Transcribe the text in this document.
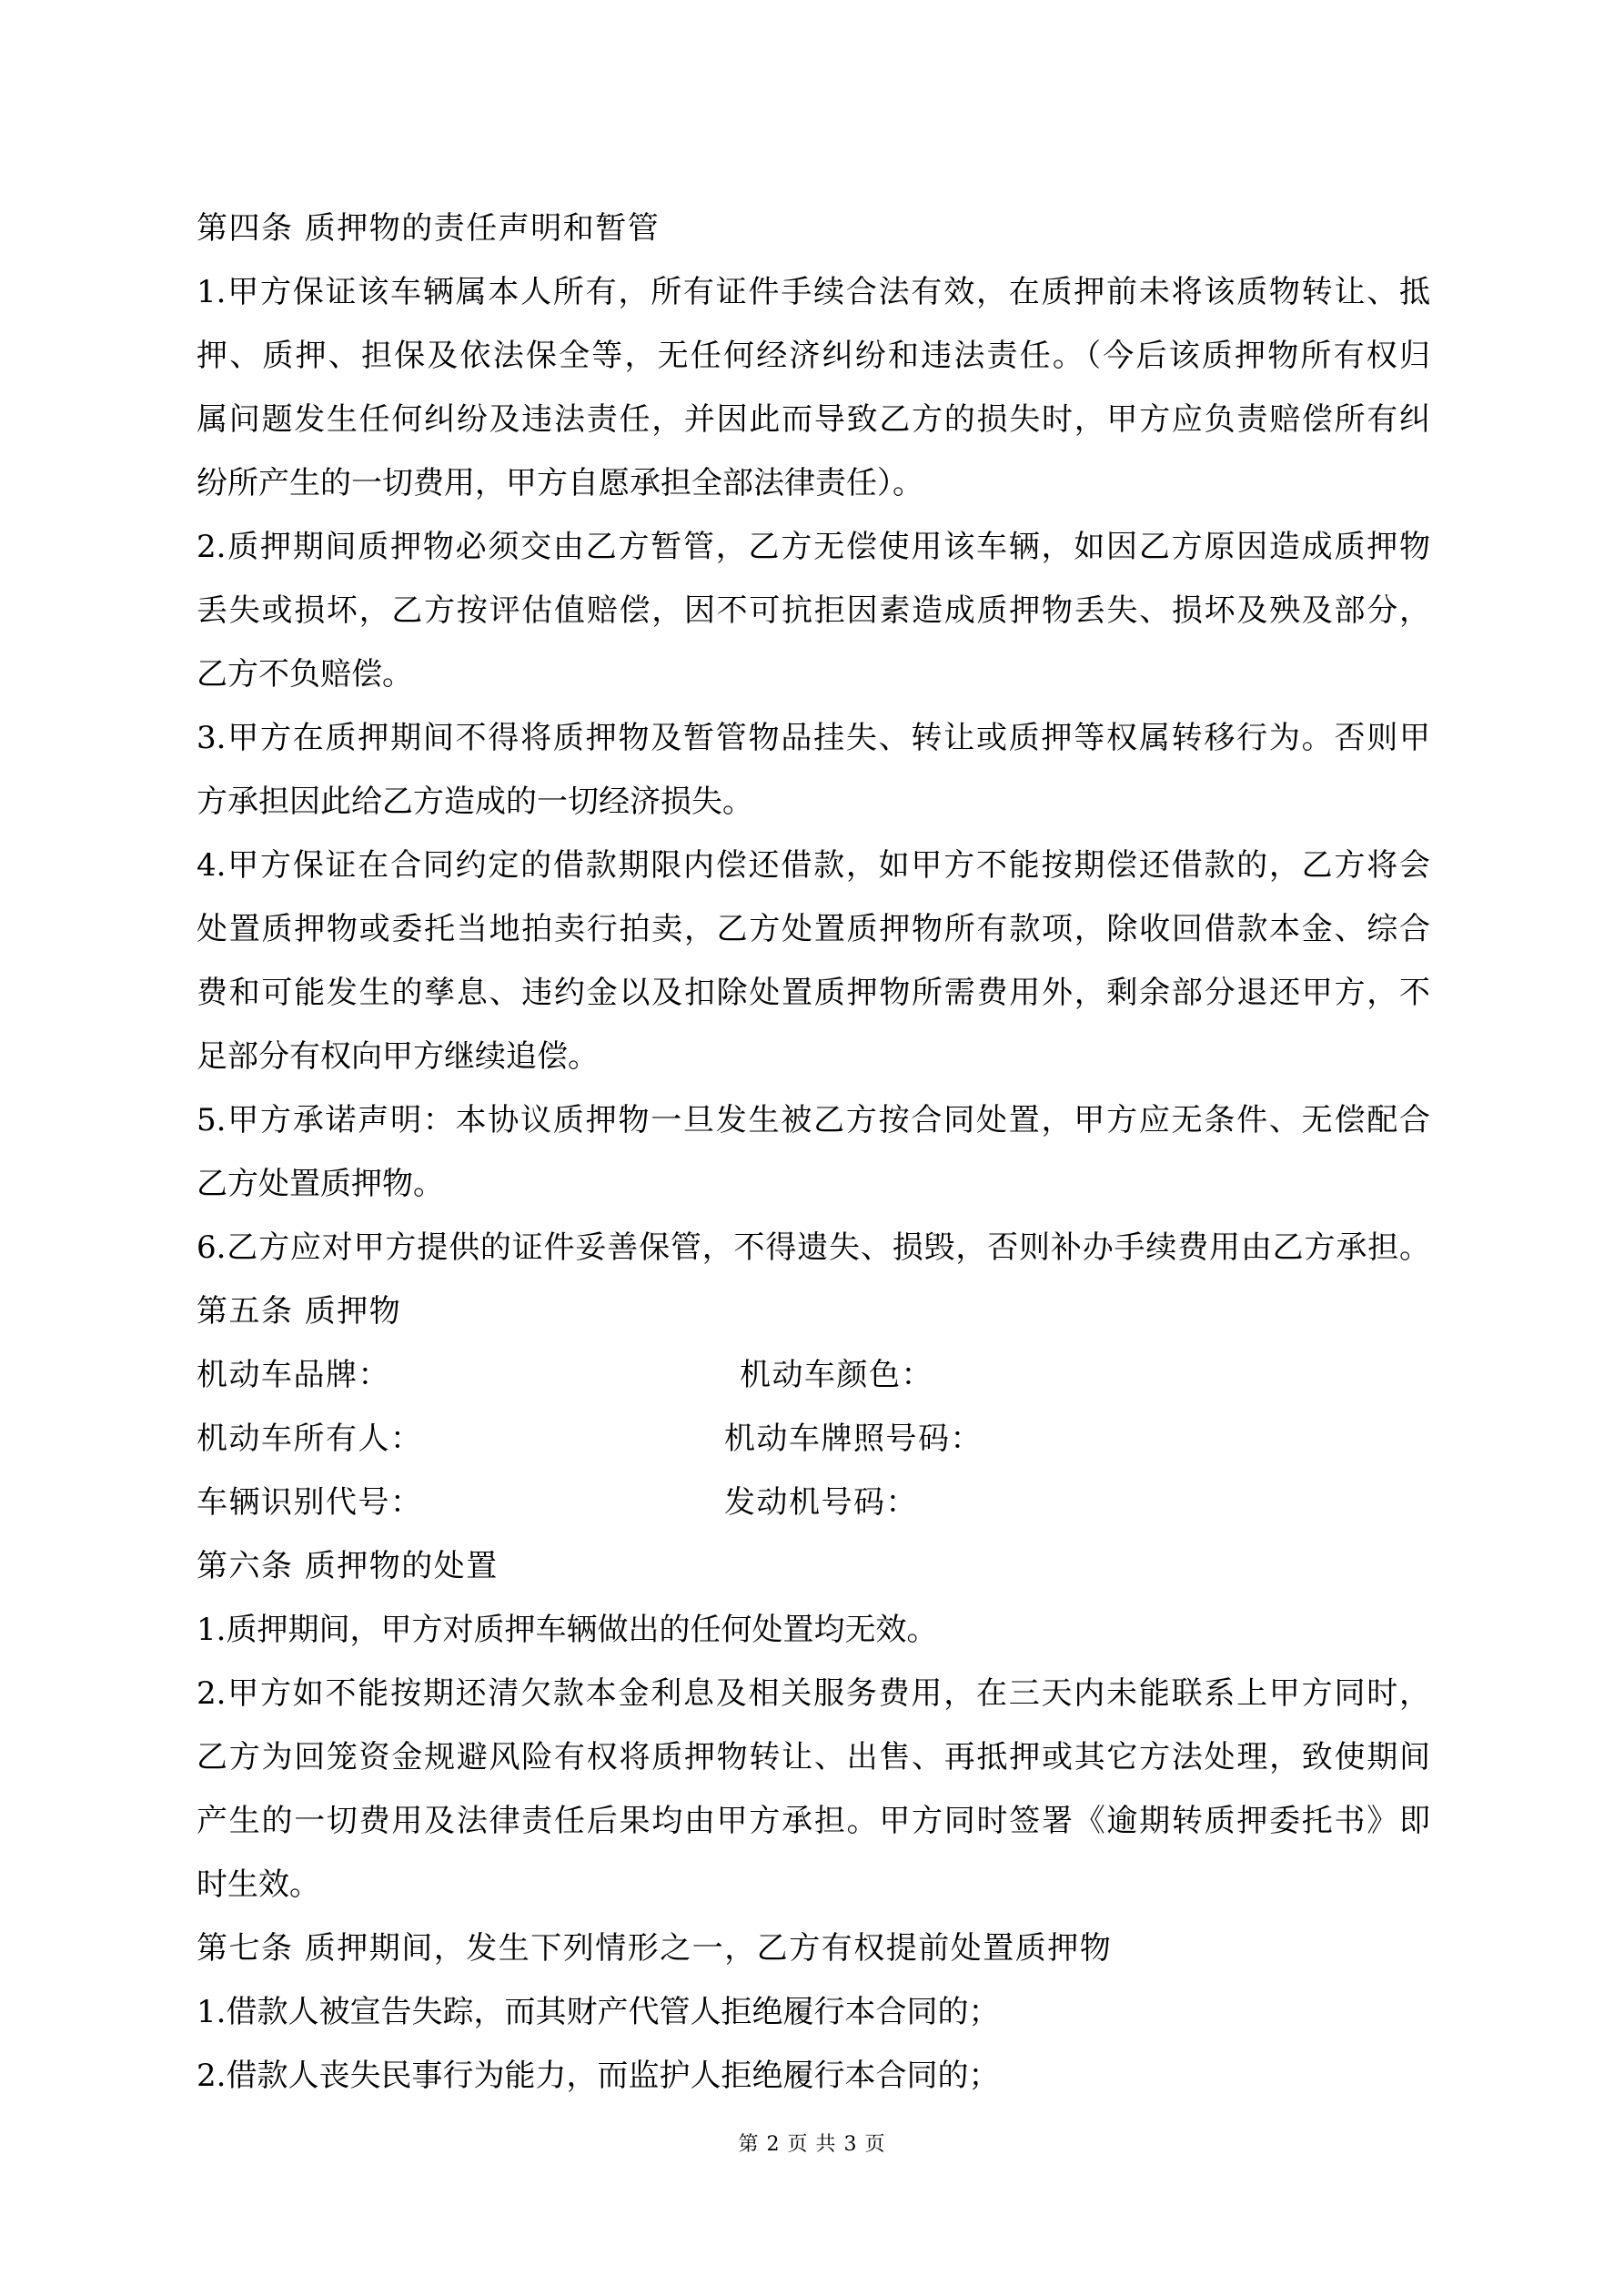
第四条 质押物的责任声明和暂管
1.甲方保证该车辆属本人所有，所有证件手续合法有效，在质押前未将该质物转让、抵
押、质押、担保及依法保全等，无任何经济纠纷和违法责任。（今后该质押物所有权归
属问题发生任何纠纷及违法责任，并因此而导致乙方的损失时，甲方应负责赔偿所有纠
纷所产生的一切费用，甲方自愿承担全部法律责任）。
2.质押期间质押物必须交由乙方暂管，乙方无偿使用该车辆，如因乙方原因造成质押物
丢失或损坏，乙方按评估值赔偿，因不可抗拒因素造成质押物丢失、损坏及殃及部分，
乙方不负赔偿。
3.甲方在质押期间不得将质押物及暂管物品挂失、转让或质押等权属转移行为。否则甲
方承担因此给乙方造成的一切经济损失。
4.甲方保证在合同约定的借款期限内偿还借款，如甲方不能按期偿还借款的，乙方将会
处置质押物或委托当地拍卖行拍卖，乙方处置质押物所有款项，除收回借款本金、综合
费和可能发生的孳息、违约金以及扣除处置质押物所需费用外，剩余部分退还甲方，不
足部分有权向甲方继续追偿。
5.甲方承诺声明：本协议质押物一旦发生被乙方按合同处置，甲方应无条件、无偿配合
乙方处置质押物。
6.乙方应对甲方提供的证件妥善保管，不得遗失、损毁，否则补办手续费用由乙方承担。
第五条 质押物
机动车品牌：	机动车颜色：
机动车所有人：	机动车牌照号码：
车辆识别代号：	发动机号码：
第六条 质押物的处置
1.质押期间，甲方对质押车辆做出的任何处置均无效。
2.甲方如不能按期还清欠款本金利息及相关服务费用，在三天内未能联系上甲方同时，
乙方为回笼资金规避风险有权将质押物转让、出售、再抵押或其它方法处理，致使期间
产生的一切费用及法律责任后果均由甲方承担。甲方同时签署《逾期转质押委托书》即
时生效。
第七条 质押期间，发生下列情形之一，乙方有权提前处置质押物
1.借款人被宣告失踪，而其财产代管人拒绝履行本合同的；
2.借款人丧失民事行为能力，而监护人拒绝履行本合同的；
第 2 页 共 3 页
